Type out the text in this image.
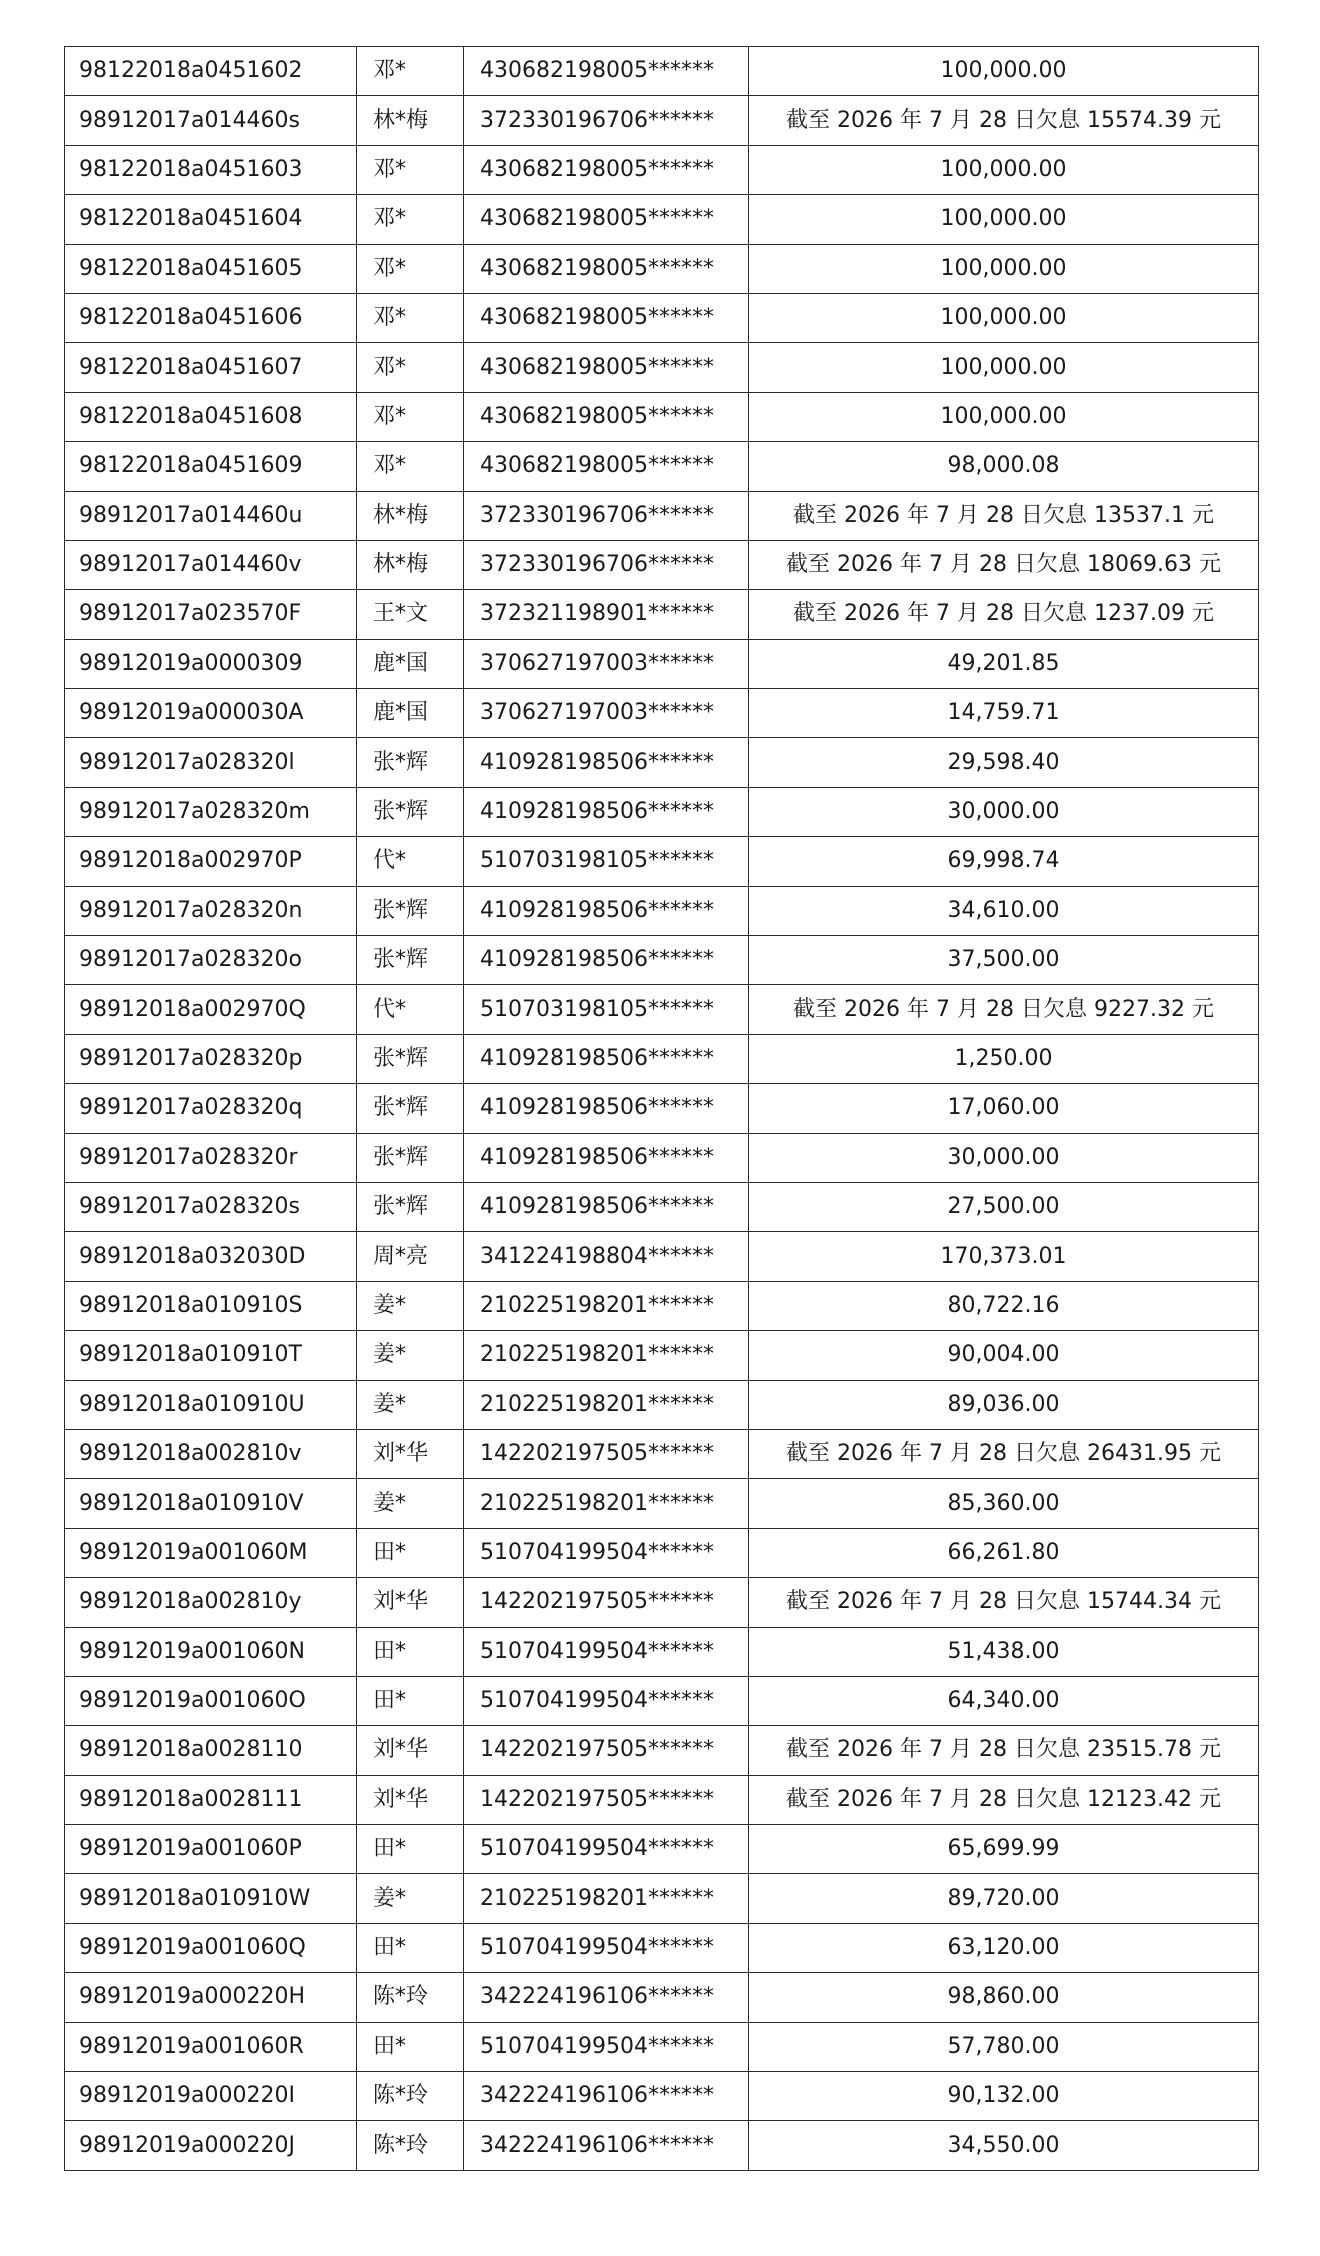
98122018a0451602	邓*	430682198005******	100,000.00
98912017a014460s	林*梅	372330196706******	截至 2026 年 7 月 28 日欠息 15574.39 元
98122018a0451603	邓*	430682198005******	100,000.00
98122018a0451604	邓*	430682198005******	100,000.00
98122018a0451605	邓*	430682198005******	100,000.00
98122018a0451606	邓*	430682198005******	100,000.00
98122018a0451607	邓*	430682198005******	100,000.00
98122018a0451608	邓*	430682198005******	100,000.00
98122018a0451609	邓*	430682198005******	98,000.08
98912017a014460u	林*梅	372330196706******	截至 2026 年 7 月 28 日欠息 13537.1 元
98912017a014460v	林*梅	372330196706******	截至 2026 年 7 月 28 日欠息 18069.63 元
98912017a023570F	王*文	372321198901******	截至 2026 年 7 月 28 日欠息 1237.09 元
98912019a0000309	鹿*国	370627197003******	49,201.85
98912019a000030A	鹿*国	370627197003******	14,759.71
98912017a028320l	张*辉	410928198506******	29,598.40
98912017a028320m	张*辉	410928198506******	30,000.00
98912018a002970P	代*	510703198105******	69,998.74
98912017a028320n	张*辉	410928198506******	34,610.00
98912017a028320o	张*辉	410928198506******	37,500.00
98912018a002970Q	代*	510703198105******	截至 2026 年 7 月 28 日欠息 9227.32 元
98912017a028320p	张*辉	410928198506******	1,250.00
98912017a028320q	张*辉	410928198506******	17,060.00
98912017a028320r	张*辉	410928198506******	30,000.00
98912017a028320s	张*辉	410928198506******	27,500.00
98912018a032030D	周*亮	341224198804******	170,373.01
98912018a010910S	姜*	210225198201******	80,722.16
98912018a010910T	姜*	210225198201******	90,004.00
98912018a010910U	姜*	210225198201******	89,036.00
98912018a002810v	刘*华	142202197505******	截至 2026 年 7 月 28 日欠息 26431.95 元
98912018a010910V	姜*	210225198201******	85,360.00
98912019a001060M	田*	510704199504******	66,261.80
98912018a002810y	刘*华	142202197505******	截至 2026 年 7 月 28 日欠息 15744.34 元
98912019a001060N	田*	510704199504******	51,438.00
98912019a001060O	田*	510704199504******	64,340.00
98912018a0028110	刘*华	142202197505******	截至 2026 年 7 月 28 日欠息 23515.78 元
98912018a0028111	刘*华	142202197505******	截至 2026 年 7 月 28 日欠息 12123.42 元
98912019a001060P	田*	510704199504******	65,699.99
98912018a010910W	姜*	210225198201******	89,720.00
98912019a001060Q	田*	510704199504******	63,120.00
98912019a000220H	陈*玲	342224196106******	98,860.00
98912019a001060R	田*	510704199504******	57,780.00
98912019a000220I	陈*玲	342224196106******	90,132.00
98912019a000220J	陈*玲	342224196106******	34,550.00
